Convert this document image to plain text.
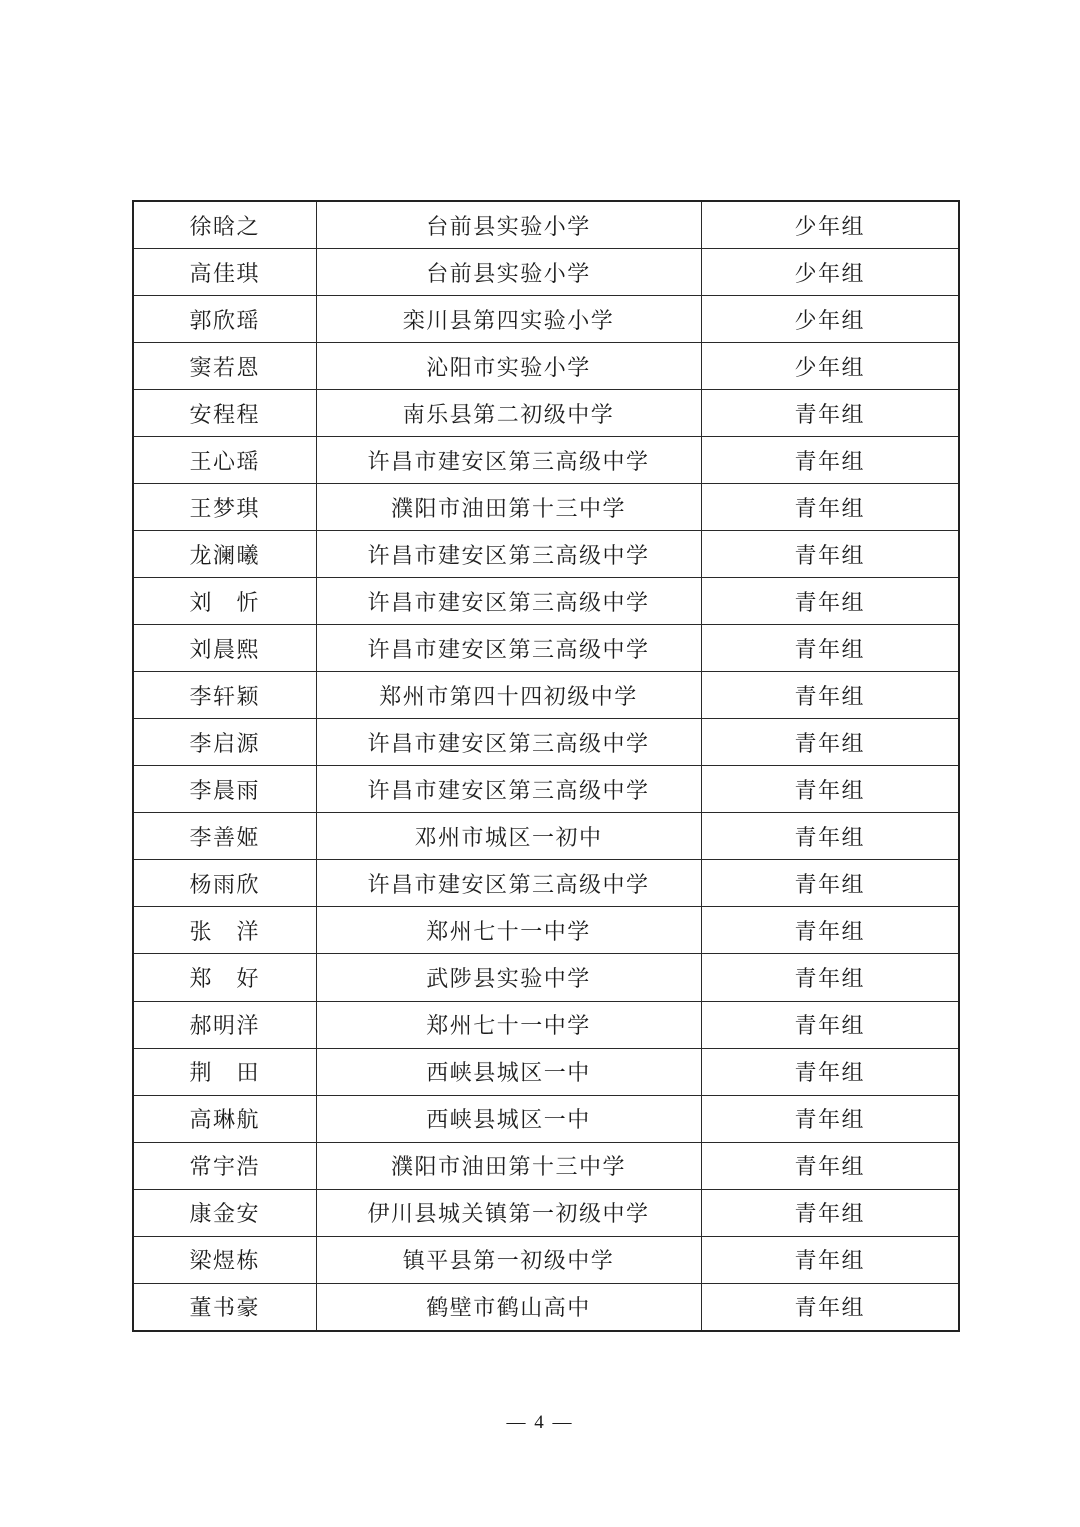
徐晗之	台前县实验小学	少年组
高佳琪	台前县实验小学	少年组
郭欣瑶	栾川县第四实验小学	少年组
窦若恩	沁阳市实验小学	少年组
安程程	南乐县第二初级中学	青年组
王心瑶	许昌市建安区第三高级中学	青年组
王梦琪	濮阳市油田第十三中学	青年组
龙澜曦	许昌市建安区第三高级中学	青年组
刘　忻	许昌市建安区第三高级中学	青年组
刘晨熙	许昌市建安区第三高级中学	青年组
李轩颖	郑州市第四十四初级中学	青年组
李启源	许昌市建安区第三高级中学	青年组
李晨雨	许昌市建安区第三高级中学	青年组
李善姬	邓州市城区一初中	青年组
杨雨欣	许昌市建安区第三高级中学	青年组
张　洋	郑州七十一中学	青年组
郑　好	武陟县实验中学	青年组
郝明洋	郑州七十一中学	青年组
荆　田	西峡县城区一中	青年组
高琳航	西峡县城区一中	青年组
常宇浩	濮阳市油田第十三中学	青年组
康金安	伊川县城关镇第一初级中学	青年组
梁煜栋	镇平县第一初级中学	青年组
董书豪	鹤壁市鹤山高中	青年组
— 4 —
